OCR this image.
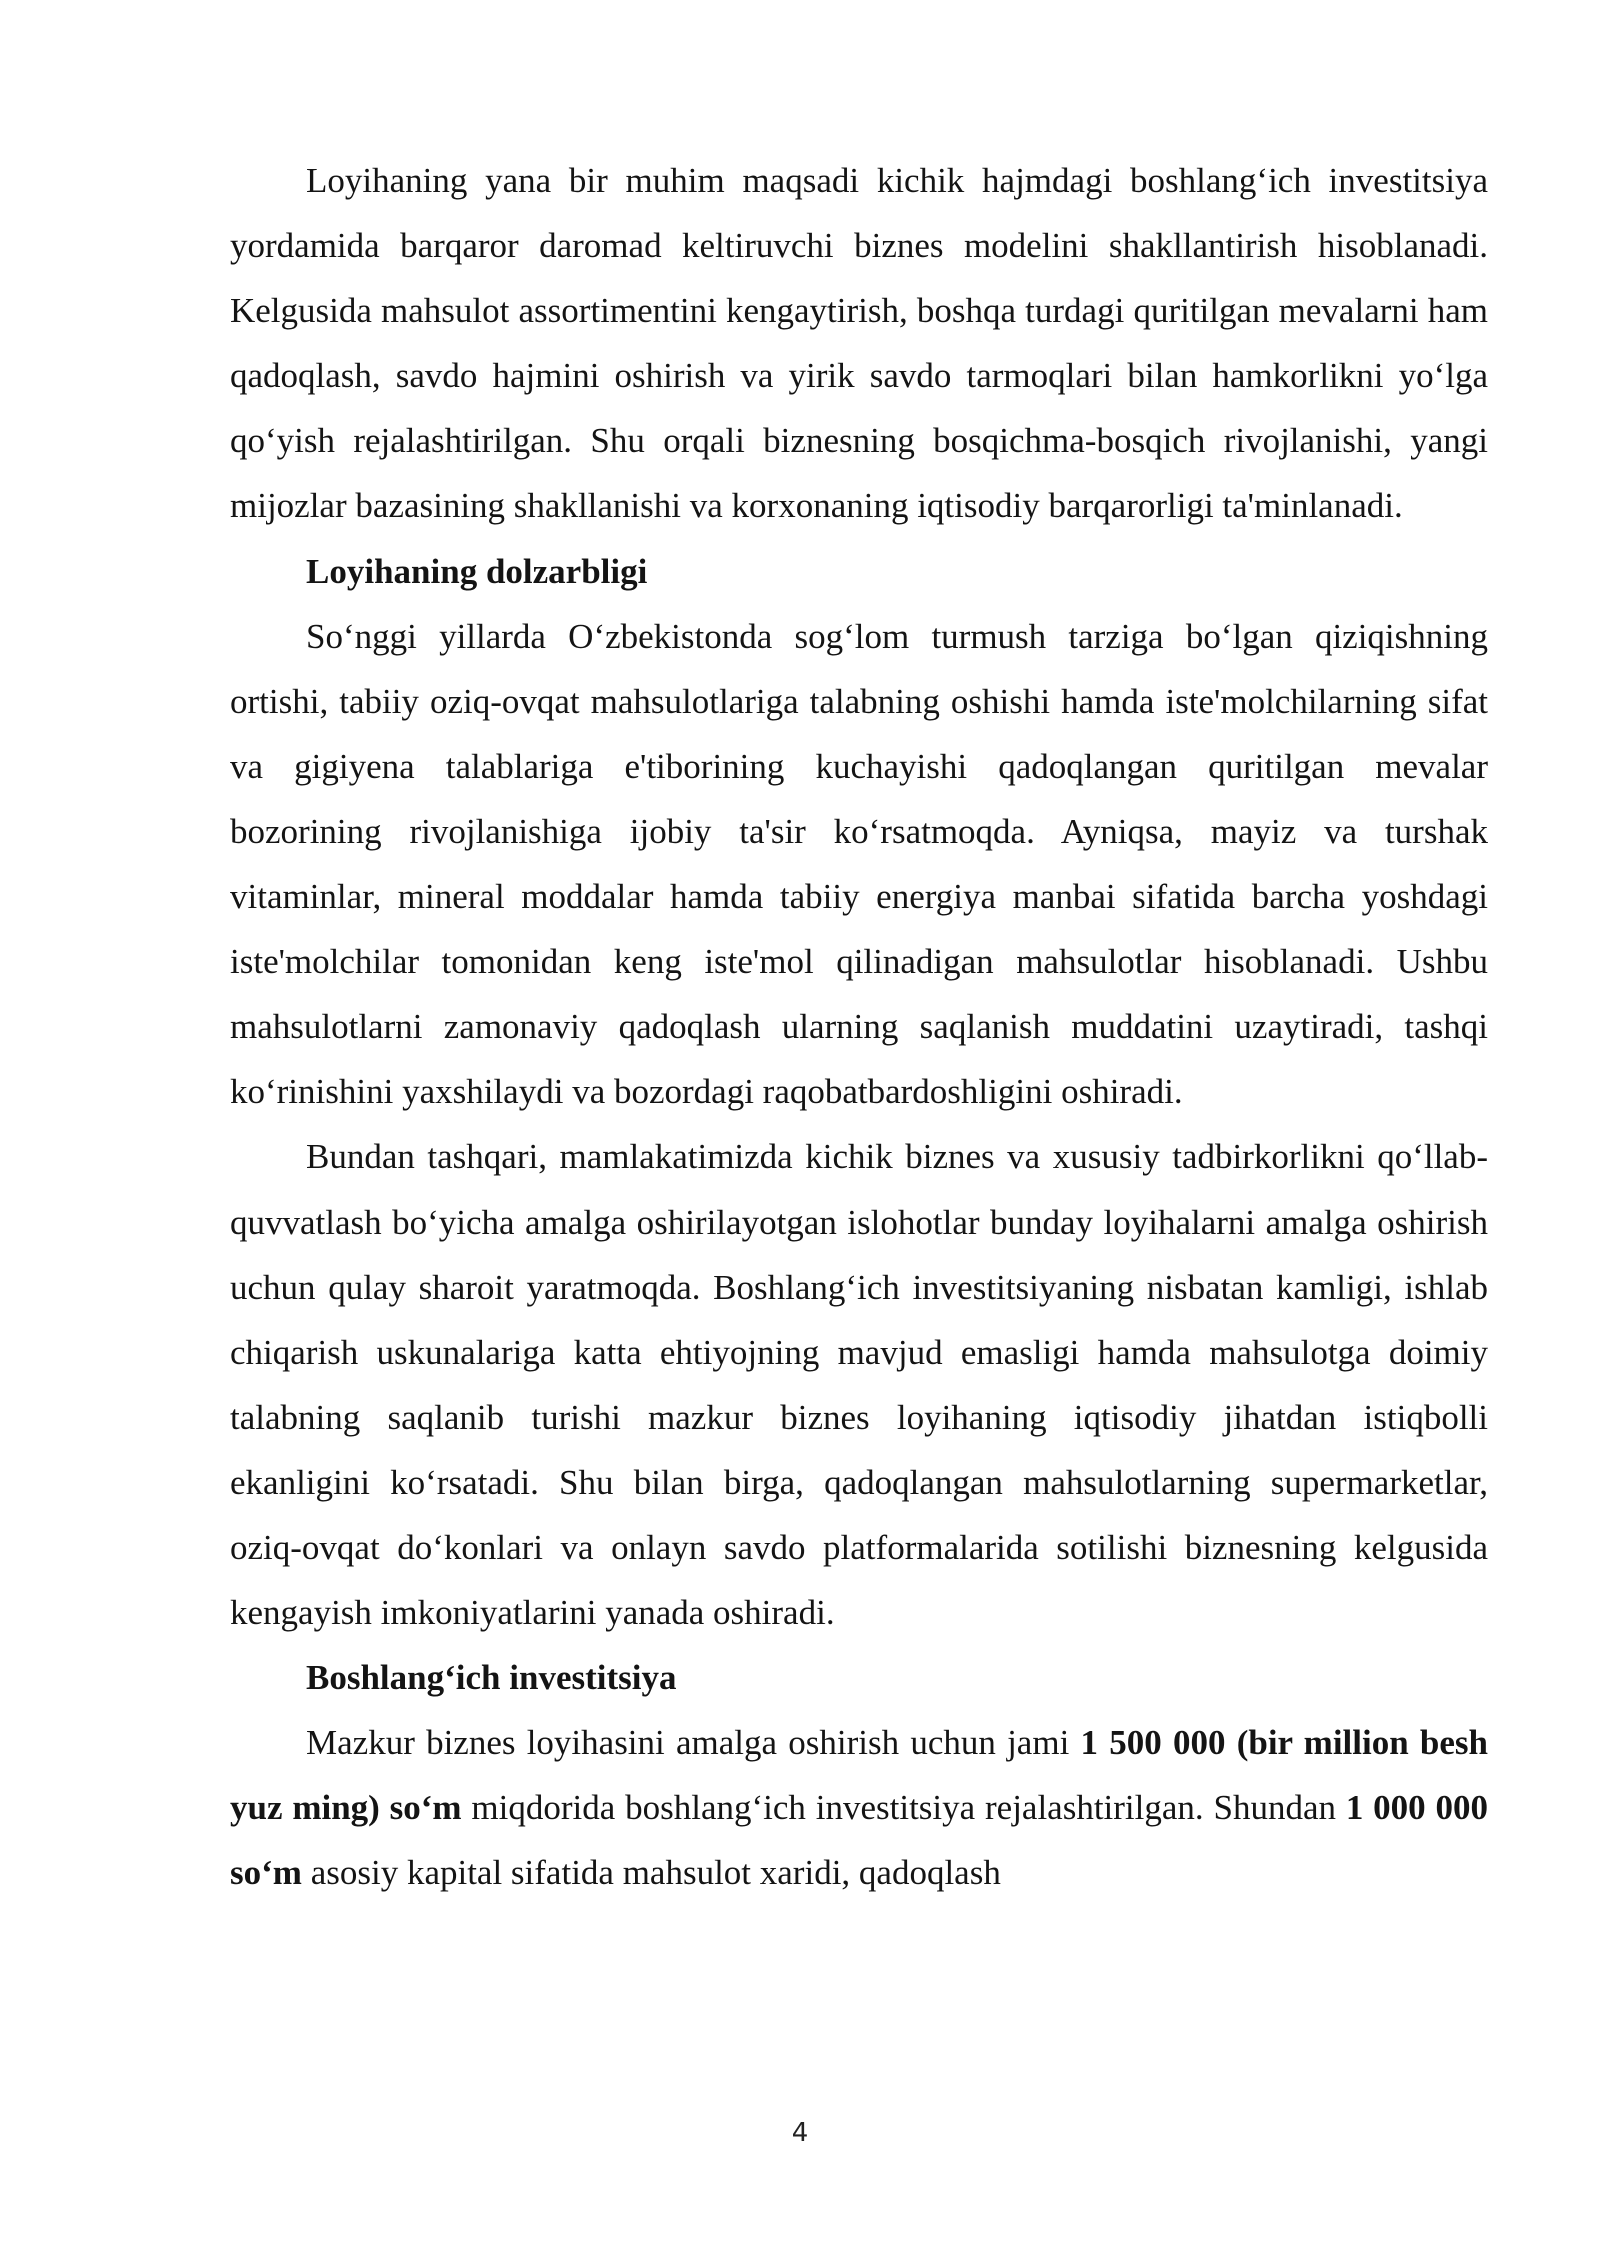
Loyihaning yana bir muhim maqsadi kichik hajmdagi boshlang‘ich investitsiya yordamida barqaror daromad keltiruvchi biznes modelini shakllantirish hisoblanadi. Kelgusida mahsulot assortimentini kengaytirish, boshqa turdagi quritilgan mevalarni ham qadoqlash, savdo hajmini oshirish va yirik savdo tarmoqlari bilan hamkorlikni yo‘lga qo‘yish rejalashtirilgan. Shu orqali biznesning bosqichma-bosqich rivojlanishi, yangi mijozlar bazasining shakllanishi va korxonaning iqtisodiy barqarorligi ta'minlanadi.

Loyihaning dolzarbligi

So‘nggi yillarda O‘zbekistonda sog‘lom turmush tarziga bo‘lgan qiziqishning ortishi, tabiiy oziq-ovqat mahsulotlariga talabning oshishi hamda iste'molchilarning sifat va gigiyena talablariga e'tiborining kuchayishi qadoqlangan quritilgan mevalar bozorining rivojlanishiga ijobiy ta'sir ko‘rsatmoqda. Ayniqsa, mayiz va turshak vitaminlar, mineral moddalar hamda tabiiy energiya manbai sifatida barcha yoshdagi iste'molchilar tomonidan keng iste'mol qilinadigan mahsulotlar hisoblanadi. Ushbu mahsulotlarni zamonaviy qadoqlash ularning saqlanish muddatini uzaytiradi, tashqi ko‘rinishini yaxshilaydi va bozordagi raqobatbardoshligini oshiradi.

Bundan tashqari, mamlakatimizda kichik biznes va xususiy tadbirkorlikni qo‘llab-quvvatlash bo‘yicha amalga oshirilayotgan islohotlar bunday loyihalarni amalga oshirish uchun qulay sharoit yaratmoqda. Boshlang‘ich investitsiyaning nisbatan kamligi, ishlab chiqarish uskunalariga katta ehtiyojning mavjud emasligi hamda mahsulotga doimiy talabning saqlanib turishi mazkur biznes loyihaning iqtisodiy jihatdan istiqbolli ekanligini ko‘rsatadi. Shu bilan birga, qadoqlangan mahsulotlarning supermarketlar, oziq-ovqat do‘konlari va onlayn savdo platformalarida sotilishi biznesning kelgusida kengayish imkoniyatlarini yanada oshiradi.

Boshlang‘ich investitsiya

Mazkur biznes loyihasini amalga oshirish uchun jami 1 500 000 (bir million besh yuz ming) so‘m miqdorida boshlang‘ich investitsiya rejalashtirilgan. Shundan 1 000 000 so‘m asosiy kapital sifatida mahsulot xaridi, qadoqlash

4
